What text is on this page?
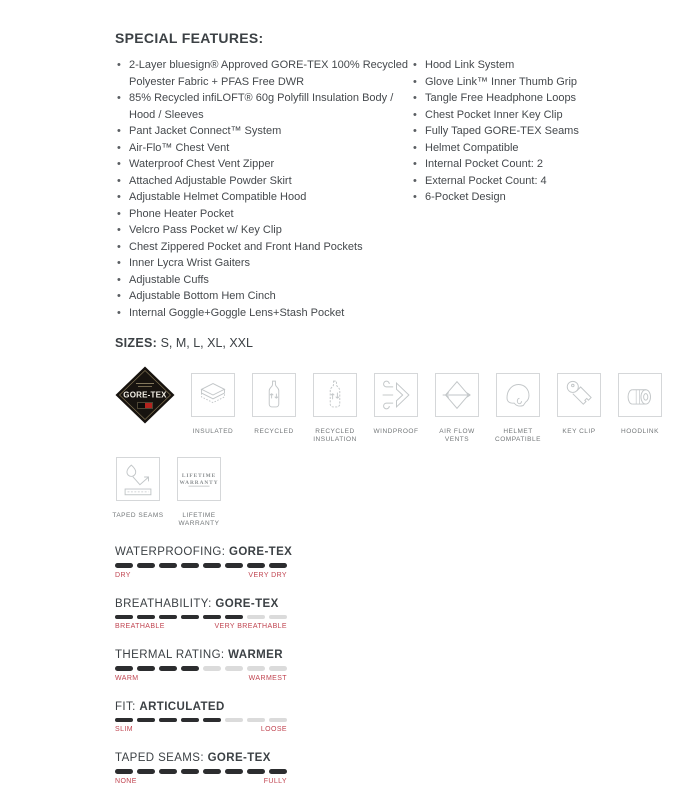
SPECIAL FEATURES:
• 2-Layer bluesign® Approved GORE-TEX 100% Recycled Polyester Fabric + PFAS Free DWR
• 85% Recycled infiLOFT® 60g Polyfill Insulation Body / Hood / Sleeves
• Pant Jacket Connect™ System
• Air-Flo™ Chest Vent
• Waterproof Chest Vent Zipper
• Attached Adjustable Powder Skirt
• Adjustable Helmet Compatible Hood
• Phone Heater Pocket
• Velcro Pass Pocket w/ Key Clip
• Chest Zippered Pocket and Front Hand Pockets
• Inner Lycra Wrist Gaiters
• Adjustable Cuffs
• Adjustable Bottom Hem Cinch
• Internal Goggle+Goggle Lens+Stash Pocket
• Hood Link System
• Glove Link™ Inner Thumb Grip
• Tangle Free Headphone Loops
• Chest Pocket Inner Key Clip
• Fully Taped GORE-TEX Seams
• Helmet Compatible
• Internal Pocket Count: 2
• External Pocket Count: 4
• 6-Pocket Design
SIZES: S, M, L, XL, XXL
GORE-TEX
INSULATED	RECYCLED	RECYCLED INSULATION
WINDPROOF	AIR FLOW VENTS
HELMET COMPATIBLE
KEY CLIP	HOODLINK
TAPED SEAMS
LIFETIME
WARRANTY
LIFETIME WARRANTY
WATERPROOFING: GORE-TEX
DRY	VERY DRY
BREATHABILITY: GORE-TEX
BREATHABLE	VERY BREATHABLE
THERMAL RATING: WARMER
WARM	WARMEST
FIT: ARTICULATED
SLIM	LOOSE
TAPED SEAMS: GORE-TEX
NONE	FULLY
